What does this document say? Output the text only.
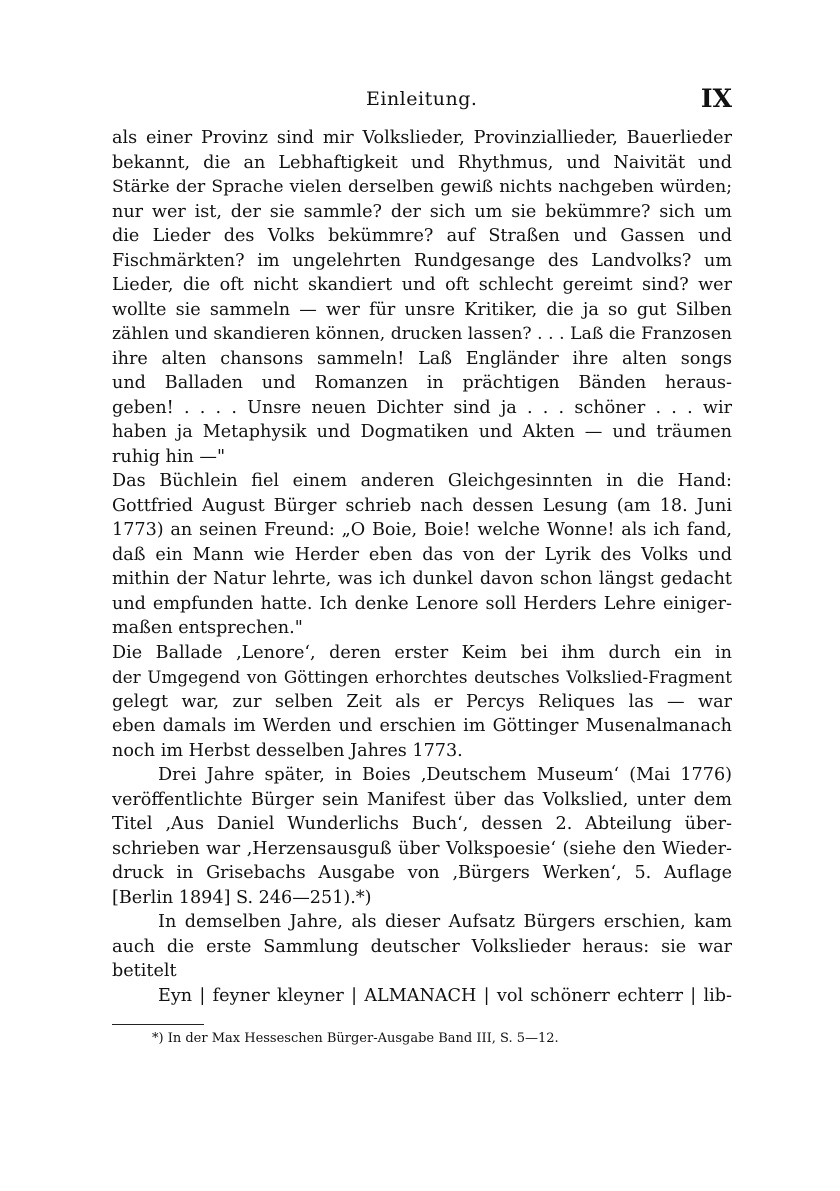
Einleitung.	IX
als einer Provinz sind mir Volkslieder, Provinziallieder, Bauerlieder
bekannt, die an Lebhaftigkeit und Rhythmus, und Naivität und
Stärke der Sprache vielen derselben gewiß nichts nachgeben würden;
nur wer ist, der sie sammle? der sich um sie bekümmre? sich um
die Lieder des Volks bekümmre? auf Straßen und Gassen und
Fischmärkten? im ungelehrten Rundgesange des Landvolks? um
Lieder, die oft nicht skandiert und oft schlecht gereimt sind? wer
wollte sie sammeln — wer für unsre Kritiker, die ja so gut Silben
zählen und skandieren können, drucken lassen? . . . Laß die Franzosen
ihre alten chansons sammeln! Laß Engländer ihre alten songs
und Balladen und Romanzen in prächtigen Bänden heraus-
geben! . . . . Unsre neuen Dichter sind ja . . . schöner . . . wir
haben ja Metaphysik und Dogmatiken und Akten — und träumen
ruhig hin —"
Das Büchlein fiel einem anderen Gleichgesinnten in die Hand:
Gottfried August Bürger schrieb nach dessen Lesung (am 18. Juni
1773) an seinen Freund: „O Boie, Boie! welche Wonne! als ich fand,
daß ein Mann wie Herder eben das von der Lyrik des Volks und
mithin der Natur lehrte, was ich dunkel davon schon längst gedacht
und empfunden hatte. Ich denke Lenore soll Herders Lehre einiger-
maßen entsprechen."
Die Ballade ‚Lenore‘, deren erster Keim bei ihm durch ein in
der Umgegend von Göttingen erhorchtes deutsches Volkslied-Fragment
gelegt war, zur selben Zeit als er Percys Reliques las — war
eben damals im Werden und erschien im Göttinger Musenalmanach
noch im Herbst desselben Jahres 1773.
Drei Jahre später, in Boies ‚Deutschem Museum‘ (Mai 1776)
veröffentlichte Bürger sein Manifest über das Volkslied, unter dem
Titel ‚Aus Daniel Wunderlichs Buch‘, dessen 2. Abteilung über-
schrieben war ‚Herzensausguß über Volkspoesie‘ (siehe den Wieder-
druck in Grisebachs Ausgabe von ‚Bürgers Werken‘, 5. Auflage
[Berlin 1894] S. 246—251).*)
In demselben Jahre, als dieser Aufsatz Bürgers erschien, kam
auch die erste Sammlung deutscher Volkslieder heraus: sie war
betitelt
Eyn | feyner kleyner | ALMANACH | vol schönerr echterr | lib-
*) In der Max Hesseschen Bürger-Ausgabe Band III, S. 5—12.
